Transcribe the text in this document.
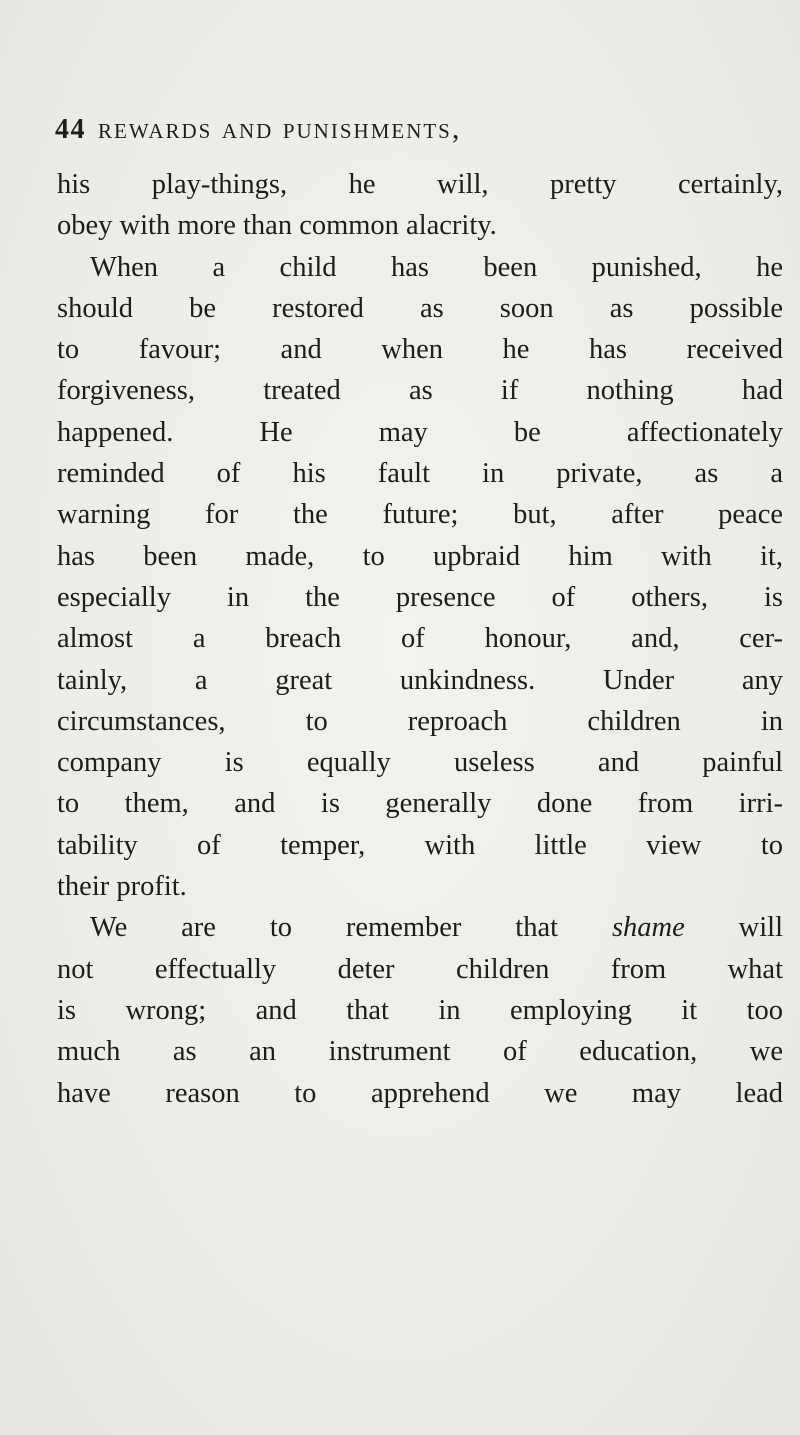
44 rewards and punishments,
his play-things, he will, pretty certainly,
obey with more than common alacrity.
When a child has been punished, he
should be restored as soon as possible
to favour; and when he has received
forgiveness, treated as if nothing had
happened. He may be affectionately
reminded of his fault in private, as a
warning for the future; but, after peace
has been made, to upbraid him with it,
especially in the presence of others, is
almost a breach of honour, and, cer-
tainly, a great unkindness. Under any
circumstances, to reproach children in
company is equally useless and painful
to them, and is generally done from irri-
tability of temper, with little view to
their profit.
We are to remember that shame will
not effectually deter children from what
is wrong; and that in employing it too
much as an instrument of education, we
have reason to apprehend we may lead
